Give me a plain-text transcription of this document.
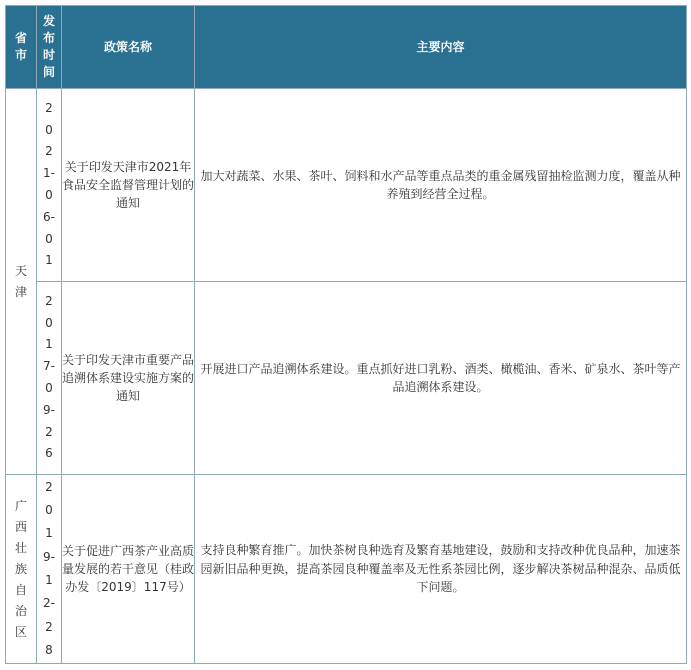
省市	发布时间	政策名称	主要内容
天津	2021-06-01	关于印发天津市2021年食品安全监督管理计划的通知	加大对蔬菜、水果、茶叶、饲料和水产品等重点品类的重金属残留抽检监测力度，覆盖从种养殖到经营全过程。
	2017-09-26	关于印发天津市重要产品追溯体系建设实施方案的通知	开展进口产品追溯体系建设。重点抓好进口乳粉、酒类、橄榄油、香米、矿泉水、茶叶等产品追溯体系建设。
广西壮族自治区	2019-12-28	关于促进广西茶产业高质量发展的若干意见（桂政办发〔2019〕117号）	支持良种繁育推广。加快茶树良种选育及繁育基地建设，鼓励和支持改种优良品种，加速茶园新旧品种更换，提高茶园良种覆盖率及无性系茶园比例，逐步解决茶树品种混杂、品质低下问题。
